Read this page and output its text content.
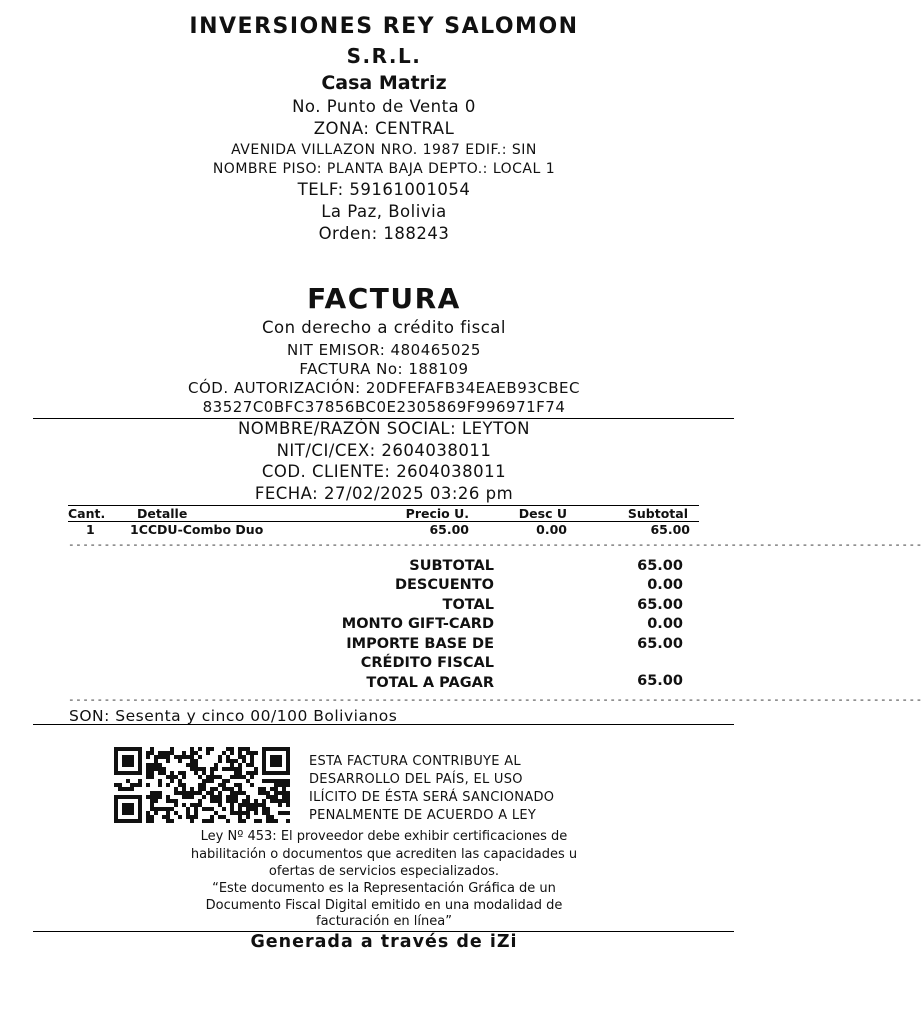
INVERSIONES REY SALOMON
S.R.L.
Casa Matriz
No. Punto de Venta 0
ZONA: CENTRAL
AVENIDA VILLAZON NRO. 1987 EDIF.: SIN
NOMBRE PISO: PLANTA BAJA DEPTO.: LOCAL 1
TELF: 59161001054
La Paz, Bolivia
Orden: 188243
FACTURA
Con derecho a crédito fiscal
NIT EMISOR: 480465025
FACTURA No: 188109
CÓD. AUTORIZACIÓN: 20DFEFAFB34EAEB93CBEC
83527C0BFC37856BC0E2305869F996971F74
NOMBRE/RAZÓN SOCIAL: LEYTON
NIT/CI/CEX: 2604038011
COD. CLIENTE: 2604038011
FECHA: 27/02/2025 03:26 pm
Cant.	Detalle	Precio U.	Desc U	Subtotal
1	1CCDU-Combo Duo	65.00	0.00	65.00
------------------------------------------------------------------------------------------------------------------------
SUBTOTAL	65.00
DESCUENTO	0.00
TOTAL	65.00
MONTO GIFT-CARD	0.00
IMPORTE BASE DE	65.00
CRÉDITO FISCAL
TOTAL A PAGAR	65.00
------------------------------------------------------------------------------------------------------------------------
SON: Sesenta y cinco 00/100 Bolivianos
ESTA FACTURA CONTRIBUYE AL
DESARROLLO DEL PAÍS, EL USO
ILÍCITO DE ÉSTA SERÁ SANCIONADO
PENALMENTE DE ACUERDO A LEY
Ley Nº 453: El proveedor debe exhibir certificaciones de
habilitación o documentos que acrediten las capacidades u
ofertas de servicios especializados.
“Este documento es la Representación Gráfica de un
Documento Fiscal Digital emitido en una modalidad de
facturación en línea”
Generada a través de iZi
